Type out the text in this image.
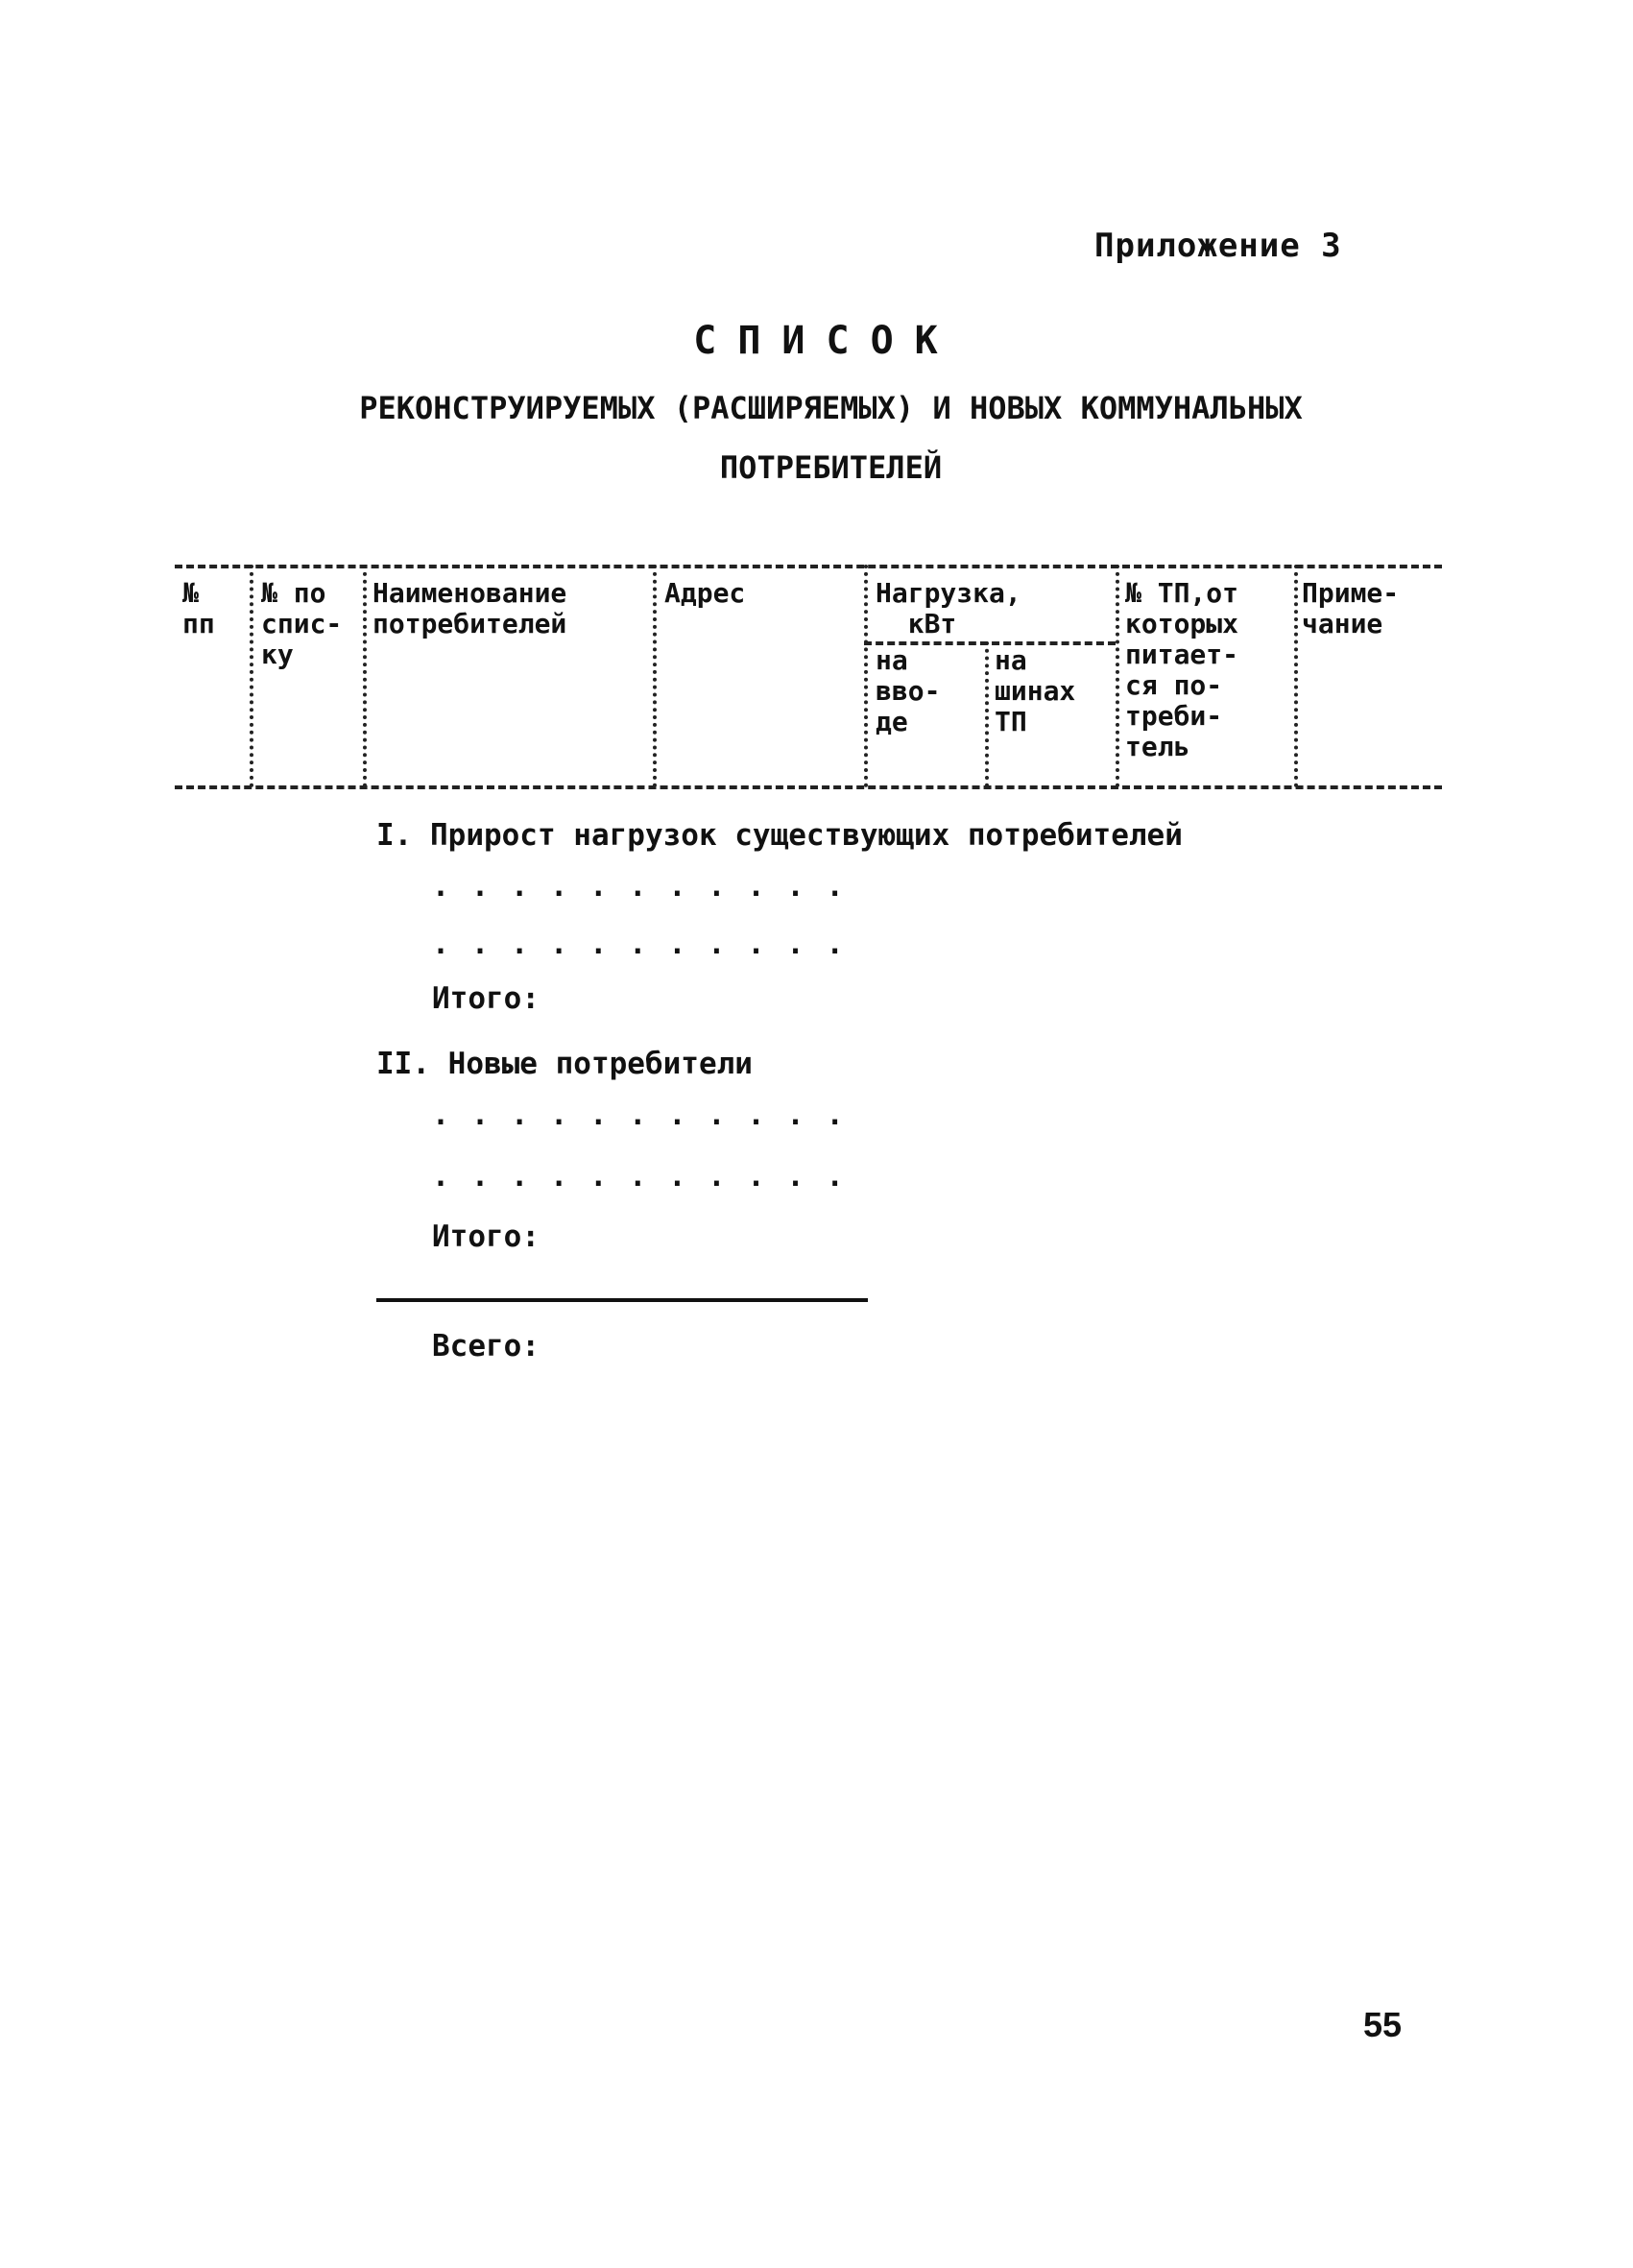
Приложение 3
СПИСОК
РЕКОНСТРУИРУЕМЫХ (РАСШИРЯЕМЫХ) И НОВЫХ КОММУНАЛЬНЫХ
ПОТРЕБИТЕЛЕЙ
№
пп
№ по
спис-
ку
Наименование
потребителей
Адрес	Нагрузка,
кВт
на
вво-
де
на
шинах
ТП
№ ТП,от
которых
питает-
ся по-
треби-
тель
Приме-
чание
I. Прирост нагрузок существующих потребителей
...........
...........
Итого:
II. Новые потребители
...........
...........
Итого:
Всего:
55
